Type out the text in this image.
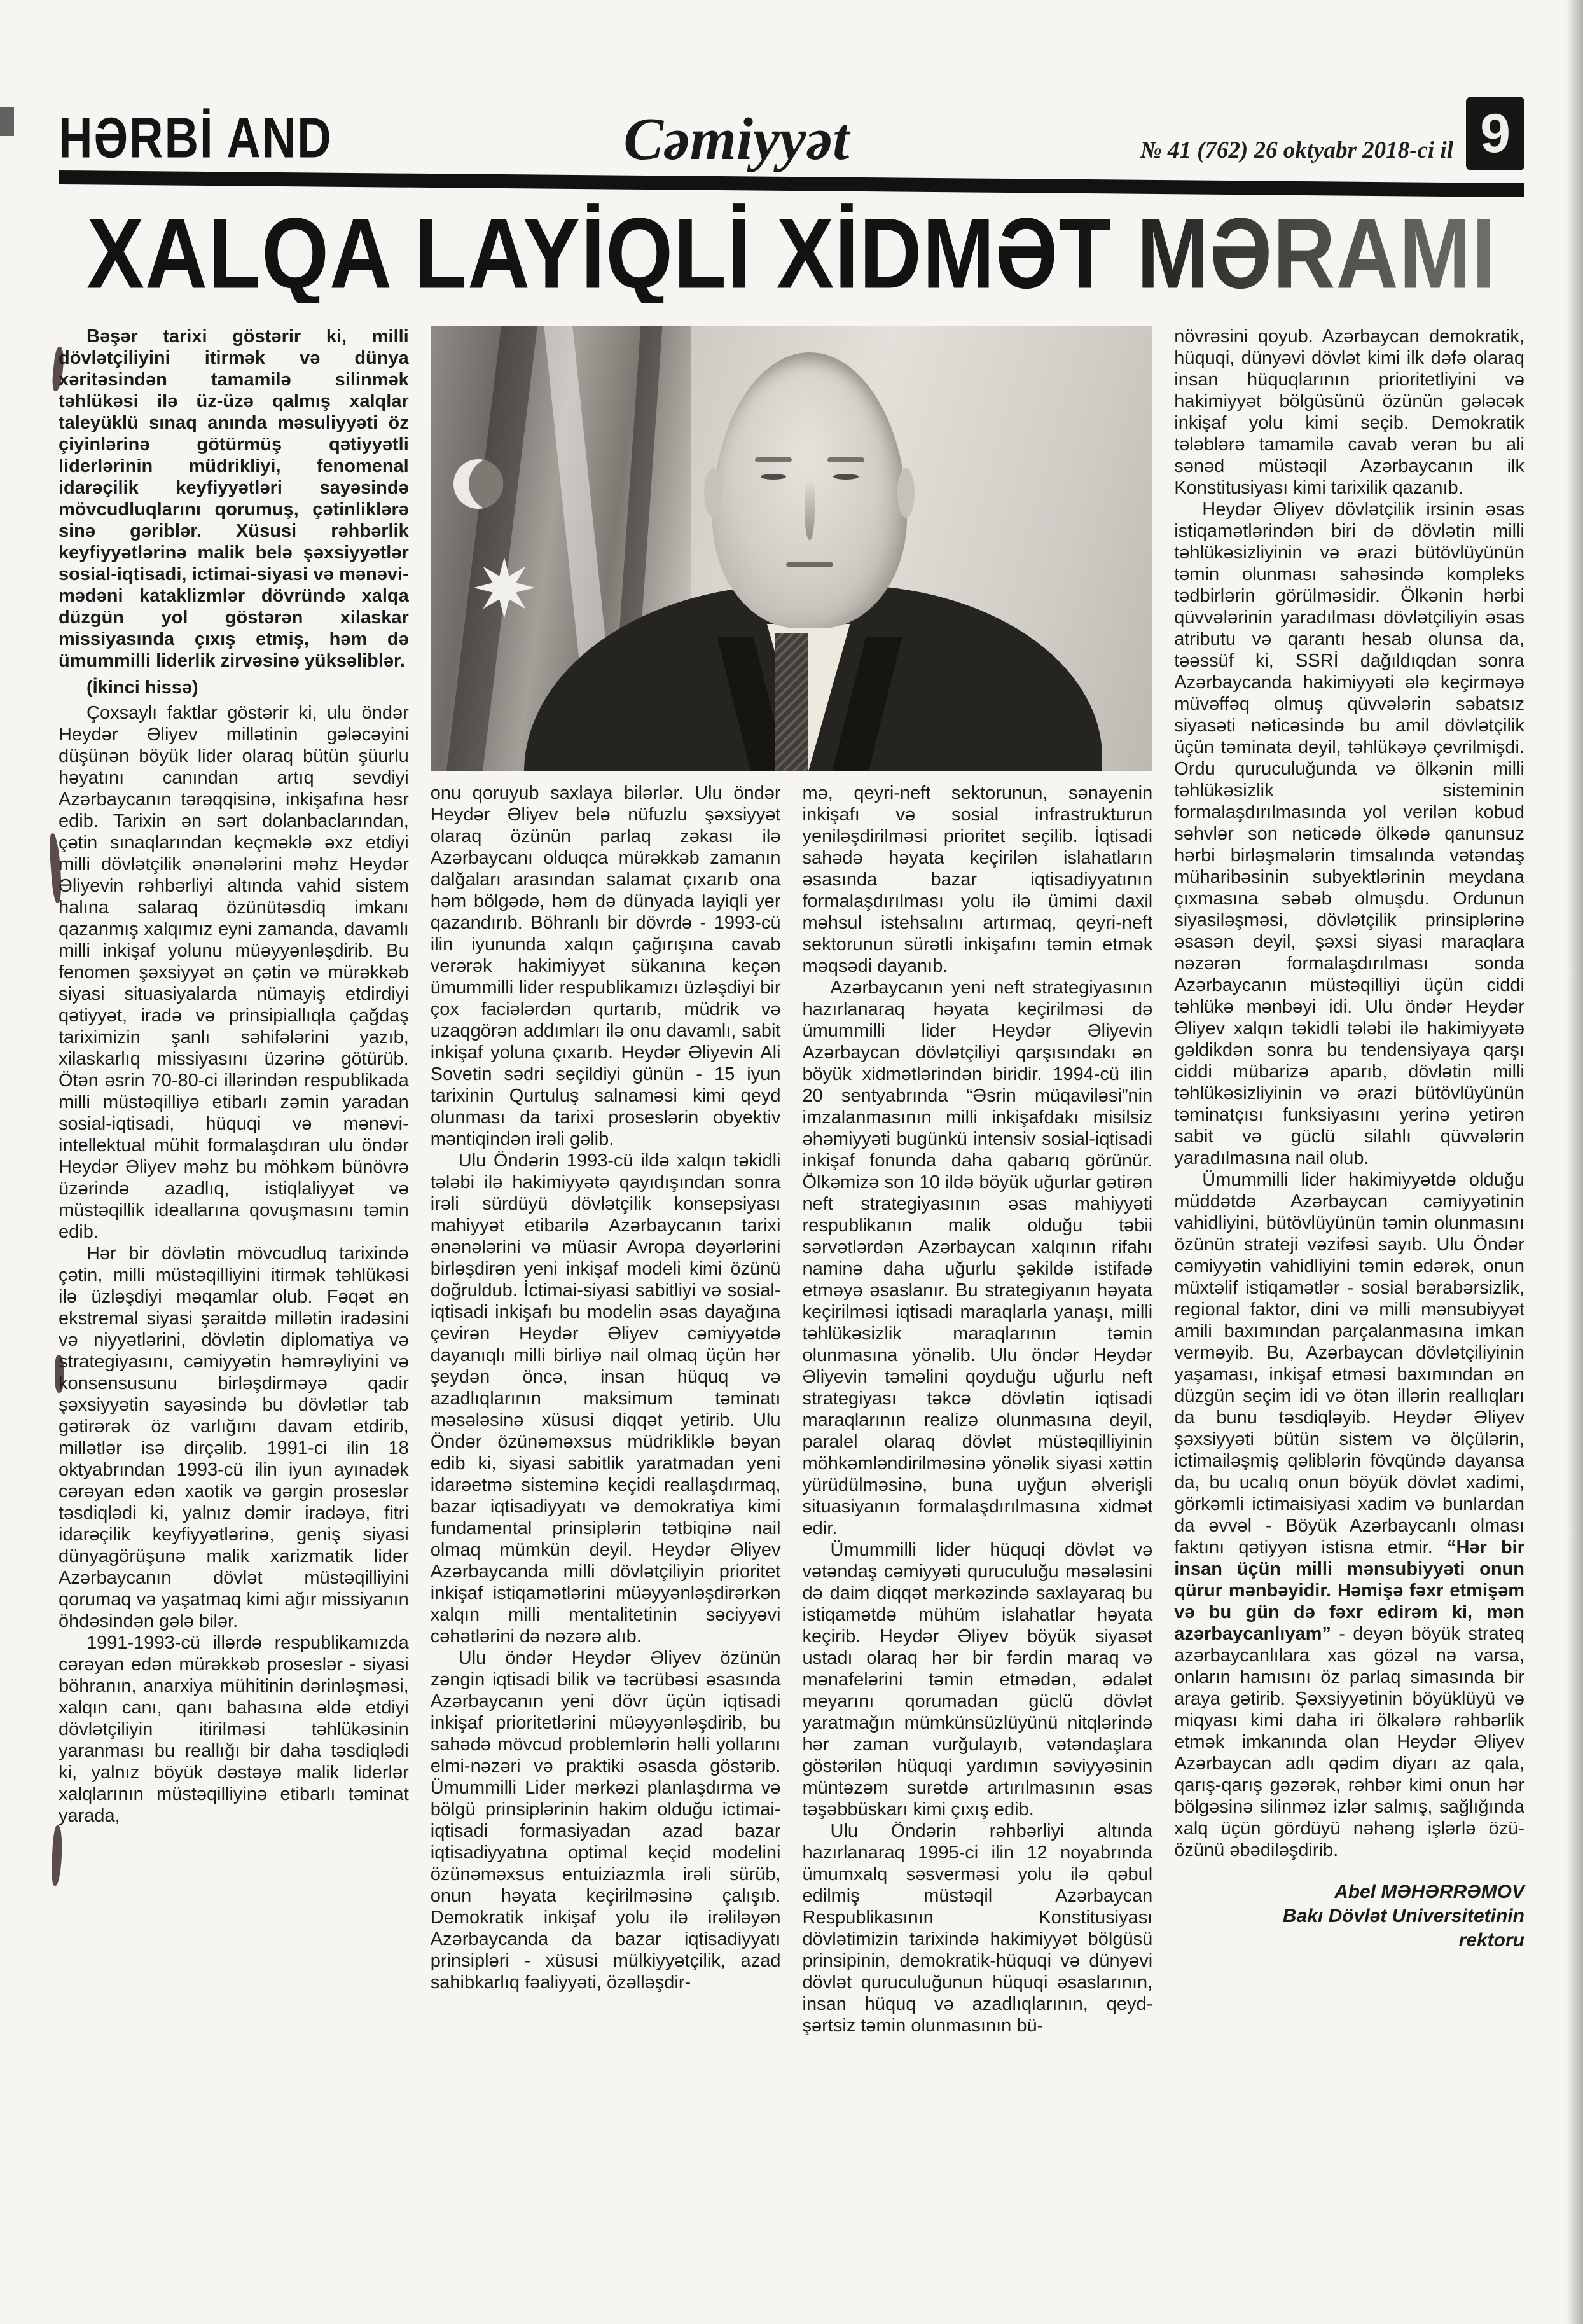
HƏRBİ AND	Cəmiyyət	№ 41 (762) 26 oktyabr 2018-ci il 9
XALQA LAYİQLİ XİDMƏT MƏRAMI

Bəşər tarixi göstərir ki, milli dövlətçiliyini itirmək və dünya xəritəsindən tamamilə silinmək təhlükəsi ilə üz-üzə qalmış xalqlar taleyüklü sınaq anında məsuliyyəti öz çiyinlərinə götürmüş qətiyyətli liderlərinin müdrikliyi, fenomenal idarəçilik keyfiyyətləri sayəsində mövcudluqlarını qorumuş, çətinliklərə sinə gəriblər. Xüsusi rəhbərlik keyfiyyətlərinə malik belə şəxsiyyətlər sosial-iqtisadi, ictimai-siyasi və mənəvi-mədəni kataklizmlər dövründə xalqa düzgün yol göstərən xilaskar missiyasında çıxış etmiş, həm də ümummilli liderlik zirvəsinə yüksəliblər.

(İkinci hissə)

Çoxsaylı faktlar göstərir ki, ulu öndər Heydər Əliyev millətinin gələcəyini düşünən böyük lider olaraq bütün şüurlu həyatını canından artıq sevdiyi Azərbaycanın tərəqqisinə, inkişafına həsr edib. Tarixin ən sərt dolanbaclarından, çətin sınaqlarından keçməklə əxz etdiyi milli dövlətçilik ənənələrini məhz Heydər Əliyevin rəhbərliyi altında vahid sistem halına salaraq özünütəsdiq imkanı qazanmış xalqımız eyni zamanda, davamlı milli inkişaf yolunu müəyyənləşdirib. Bu fenomen şəxsiyyət ən çətin və mürəkkəb siyasi situasiyalarda nümayiş etdirdiyi qətiyyət, iradə və prinsipiallıqla çağdaş tariximizin şanlı səhifələrini yazıb, xilaskarlıq missiyasını üzərinə götürüb. Ötən əsrin 70-80-ci illərindən respublikada milli müstəqilliyə etibarlı zəmin yaradan sosial-iqtisadi, hüquqi və mənəvi-intellektual mühit formalaşdıran ulu öndər Heydər Əliyev məhz bu möhkəm bünövrə üzərində azadlıq, istiqlaliyyət və müstəqillik ideallarına qovuşmasını təmin edib.

Hər bir dövlətin mövcudluq tarixində çətin, milli müstəqilliyini itirmək təhlükəsi ilə üzləşdiyi məqamlar olub. Fəqət ən ekstremal siyasi şəraitdə millətin iradəsini və niyyətlərini, dövlətin diplomatiya və strategiyasını, cəmiyyətin həmrəyliyini və konsensusunu birləşdirməyə qadir şəxsiyyətin sayəsində bu dövlətlər tab gətirərək öz varlığını davam etdirib, millətlər isə dirçəlib. 1991-ci ilin 18 oktyabrından 1993-cü ilin iyun ayınadək cərəyan edən xaotik və gərgin proseslər təsdiqlədi ki, yalnız dəmir iradəyə, fitri idarəçilik keyfiyyətlərinə, geniş siyasi dünyagörüşunə malik xarizmatik lider Azərbaycanın dövlət müstəqilliyini qorumaq və yaşatmaq kimi ağır missiyanın öhdəsindən gələ bilər.

1991-1993-cü illərdə respublikamızda cərəyan edən mürəkkəb proseslər - siyasi böhranın, anarxiya mühitinin dərinləşməsi, xalqın canı, qanı bahasına əldə etdiyi dövlətçiliyin itirilməsi təhlükəsinin yaranması bu reallığı bir daha təsdiqlədi ki, yalnız böyük dəstəyə malik liderlər xalqlarının müstəqilliyinə etibarlı təminat yarada,

onu qoruyub saxlaya bilərlər. Ulu öndər Heydər Əliyev belə nüfuzlu şəxsiyyət olaraq özünün parlaq zəkası ilə Azərbaycanı olduqca mürəkkəb zamanın dalğaları arasından salamat çıxarıb ona həm bölgədə, həm də dünyada layiqli yer qazandırıb. Böhranlı bir dövrdə - 1993-cü ilin iyununda xalqın çağırışına cavab verərək hakimiyyət sükanına keçən ümummilli lider respublikamızı üzləşdiyi bir çox faciələrdən qurtarıb, müdrik və uzaqgörən addımları ilə onu davamlı, sabit inkişaf yoluna çıxarıb. Heydər Əliyevin Ali Sovetin sədri seçildiyi günün - 15 iyun tarixinin Qurtuluş salnaməsi kimi qeyd olunması da tarixi proseslərin obyektiv məntiqindən irəli gəlib.

Ulu Öndərin 1993-cü ildə xalqın təkidli tələbi ilə hakimiyyətə qayıdışından sonra irəli sürdüyü dövlətçilik konsepsiyası mahiyyət etibarilə Azərbaycanın tarixi ənənələrini və müasir Avropa dəyərlərini birləşdirən yeni inkişaf modeli kimi özünü doğruldub. İctimai-siyasi sabitliyi və sosial-iqtisadi inkişafı bu modelin əsas dayağına çevirən Heydər Əliyev cəmiyyətdə dayanıqlı milli birliyə nail olmaq üçün hər şeydən öncə, insan hüquq və azadlıqlarının maksimum təminatı məsələsinə xüsusi diqqət yetirib. Ulu Öndər özünəməxsus müdrikliklə bəyan edib ki, siyasi sabitlik yaratmadan yeni idarəetmə sisteminə keçidi reallaşdırmaq, bazar iqtisadiyyatı və demokratiya kimi fundamental prinsiplərin tətbiqinə nail olmaq mümkün deyil. Heydər Əliyev Azərbaycanda milli dövlətçiliyin prioritet inkişaf istiqamətlərini müəyyənləşdirərkən xalqın milli mentalitetinin səciyyəvi cəhətlərini də nəzərə alıb.

Ulu öndər Heydər Əliyev özünün zəngin iqtisadi bilik və təcrübəsi əsasında Azərbaycanın yeni dövr üçün iqtisadi inkişaf prioritetlərini müəyyənləşdirib, bu sahədə mövcud problemlərin həlli yollarını elmi-nəzəri və praktiki əsasda göstərib. Ümummilli Lider mərkəzi planlaşdırma və bölgü prinsiplərinin hakim olduğu ictimai-iqtisadi formasiyadan azad bazar iqtisadiyyatına optimal keçid modelini özünəməxsus entuiziazmla irəli sürüb, onun həyata keçirilməsinə çalışıb. Demokratik inkişaf yolu ilə irəliləyən Azərbaycanda da bazar iqtisadiyyatı prinsipləri - xüsusi mülkiyyətçilik, azad sahibkarlıq fəaliyyəti, özəlləşdir-

mə, qeyri-neft sektorunun, sənayenin inkişafı və sosial infrastrukturun yeniləşdirilməsi prioritet seçilib. İqtisadi sahədə həyata keçirilən islahatların əsasında bazar iqtisadiyyatının formalaşdırılması yolu ilə ümimi daxil məhsul istehsalını artırmaq, qeyri-neft sektorunun sürətli inkişafını təmin etmək məqsədi dayanıb.

Azərbaycanın yeni neft strategiyasının hazırlanaraq həyata keçirilməsi də ümummilli lider Heydər Əliyevin Azərbaycan dövlətçiliyi qarşısındakı ən böyük xidmətlərindən biridir. 1994-cü ilin 20 sentyabrında “Əsrin müqaviləsi”nin imzalanmasının milli inkişafdakı misilsiz əhəmiyyəti bugünkü intensiv sosial-iqtisadi inkişaf fonunda daha qabarıq görünür. Ölkəmizə son 10 ildə böyük uğurlar gətirən neft strategiyasının əsas mahiyyəti respublikanın malik olduğu təbii sərvətlərdən Azərbaycan xalqının rifahı naminə daha uğurlu şəkildə istifadə etməyə əsaslanır. Bu strategiyanın həyata keçirilməsi iqtisadi maraqlarla yanaşı, milli təhlükəsizlik maraqlarının təmin olunmasına yönəlib. Ulu öndər Heydər Əliyevin təməlini qoyduğu uğurlu neft strategiyası təkcə dövlətin iqtisadi maraqlarının realizə olunmasına deyil, paralel olaraq dövlət müstəqilliyinin möhkəmləndirilməsinə yönəlik siyasi xəttin yürüdülməsinə, buna uyğun əlverişli situasiyanın formalaşdırılmasına xidmət edir.

Ümummilli lider hüquqi dövlət və vətəndaş cəmiyyəti quruculuğu məsələsini də daim diqqət mərkəzində saxlayaraq bu istiqamətdə mühüm islahatlar həyata keçirib. Heydər Əliyev böyük siyasət ustadı olaraq hər bir fərdin maraq və mənafelərini təmin etmədən, ədalət meyarını qorumadan güclü dövlət yaratmağın mümkünsüzlüyünü nitqlərində hər zaman vurğulayıb, vətəndaşlara göstərilən hüquqi yardımın səviyyəsinin müntəzəm surətdə artırılmasının əsas təşəbbüskarı kimi çıxış edib.

Ulu Öndərin rəhbərliyi altında hazırlanaraq 1995-ci ilin 12 noyabrında ümumxalq səsverməsi yolu ilə qəbul edilmiş müstəqil Azərbaycan Respublikasının Konstitusiyası dövlətimizin tarixində hakimiyyət bölgüsü prinsipinin, demokratik-hüquqi və dünyəvi dövlət quruculuğunun hüquqi əsaslarının, insan hüquq və azadlıqlarının, qeyd-şərtsiz təmin olunmasının bü-

növrəsini qoyub. Azərbaycan demokratik, hüquqi, dünyəvi dövlət kimi ilk dəfə olaraq insan hüquqlarının prioritetliyini və hakimiyyət bölgüsünü özünün gələcək inkişaf yolu kimi seçib. Demokratik tələblərə tamamilə cavab verən bu ali sənəd müstəqil Azərbaycanın ilk Konstitusiyası kimi tarixilik qazanıb.

Heydər Əliyev dövlətçilik irsinin əsas istiqamətlərindən biri də dövlətin milli təhlükəsizliyinin və ərazi bütövlüyünün təmin olunması sahəsində kompleks tədbirlərin görülməsidir. Ölkənin hərbi qüvvələrinin yaradılması dövlətçiliyin əsas atributu və qarantı hesab olunsa da, təəssüf ki, SSRİ dağıldıqdan sonra Azərbaycanda hakimiyyəti ələ keçirməyə müvəffəq olmuş qüvvələrin səbatsız siyasəti nəticəsində bu amil dövlətçilik üçün təminata deyil, təhlükəyə çevrilmişdi. Ordu quruculuğunda və ölkənin milli təhlükəsizlik sisteminin formalaşdırılmasında yol verilən kobud səhvlər son nəticədə ölkədə qanunsuz hərbi birləşmələrin timsalında vətəndaş müharibəsinin subyektlərinin meydana çıxmasına səbəb olmuşdu. Ordunun siyasiləşməsi, dövlətçilik prinsiplərinə əsasən deyil, şəxsi siyasi maraqlara nəzərən formalaşdırılması sonda Azərbaycanın müstəqilliyi üçün ciddi təhlükə mənbəyi idi. Ulu öndər Heydər Əliyev xalqın təkidli tələbi ilə hakimiyyətə gəldikdən sonra bu tendensiyaya qarşı ciddi mübarizə aparıb, dövlətin milli təhlükəsizliyinin və ərazi bütövlüyünün təminatçısı funksiyasını yerinə yetirən sabit və güclü silahlı qüvvələrin yaradılmasına nail olub.

Ümummilli lider hakimiyyətdə olduğu müddətdə Azərbaycan cəmiyyətinin vahidliyini, bütövlüyünün təmin olunmasını özünün strateji vəzifəsi sayıb. Ulu Öndər cəmiyyətin vahidliyini təmin edərək, onun müxtəlif istiqamətlər - sosial bərabərsizlik, regional faktor, dini və milli mənsubiyyət amili baxımından parçalanmasına imkan verməyib. Bu, Azərbaycan dövlətçiliyinin yaşaması, inkişaf etməsi baxımından ən düzgün seçim idi və ötən illərin reallıqları da bunu təsdiqləyib. Heydər Əliyev şəxsiyyəti bütün sistem və ölçülərin, ictimailəşmiş qəliblərin fövqündə dayansa da, bu ucalıq onun böyük dövlət xadimi, görkəmli ictimaisiyasi xadim və bunlardan da əvvəl - Böyük Azərbaycanlı olması faktını qətiyyən istisna etmir. “Hər bir insan üçün milli mənsubiyyəti onun qürur mənbəyidir. Həmişə fəxr etmişəm və bu gün də fəxr edirəm ki, mən azərbaycanlıyam” - deyən böyük strateq azərbaycanlılara xas gözəl nə varsa, onların hamısını öz parlaq simasında bir araya gətirib. Şəxsiyyətinin böyüklüyü və miqyası kimi daha iri ölkələrə rəhbərlik etmək imkanında olan Heydər Əliyev Azərbaycan adlı qədim diyarı az qala, qarış-qarış gəzərək, rəhbər kimi onun hər bölgəsinə silinməz izlər salmış, sağlığında xalq üçün gördüyü nəhəng işlərlə özü-özünü əbədiləşdirib.

Abel MƏHƏRRƏMOV
Bakı Dövlət Universitetinin
rektoru
